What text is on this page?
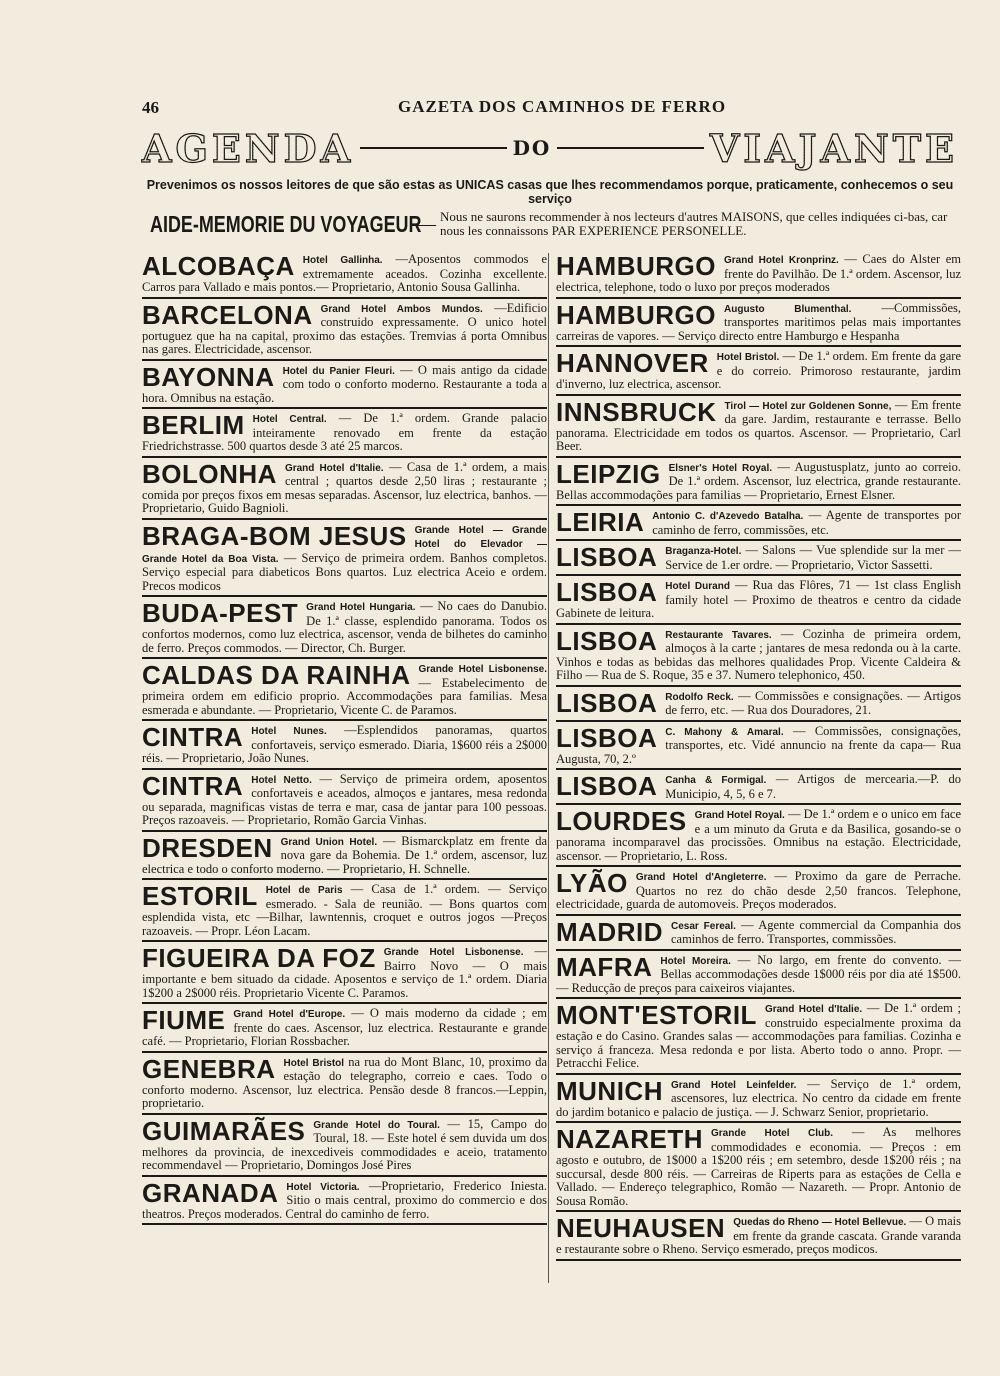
46	GAZETA DOS CAMINHOS DE FERRO
AGENDA	DO	VIAJANTE
Prevenimos os nossos leitores de que são estas as UNICAS casas que lhes recommendamos porque, praticamente, conhecemos o seu serviço
AIDE-MEMORIE DU VOYAGEUR
— Nous ne saurons recommender à nos lecteurs d'autres MAISONS, que celles indiquées ci-bas, car nous les connaissons PAR EXPERIENCE PERSONELLE.

ALCOBAÇA Hotel Gallinha. —Aposentos commodos e extremamente aceados. Cozinha excellente. Carros para Vallado e mais pontos.— Proprietario, Antonio Sousa Gallinha.

BARCELONA Grand Hotel Ambos Mundos. —Edificio construido expressamente. O unico hotel portuguez que ha na capital, proximo das estações. Tremvias á porta Omnibus nas gares. Electricidade, ascensor.

BAYONNA Hotel du Panier Fleuri. — O mais antigo da cidade com todo o conforto moderno. Restaurante a toda a hora. Omnibus na estação.

BERLIM Hotel Central. — De 1.ª ordem. Grande palacio inteiramente renovado em frente da estação Friedrichstrasse. 500 quartos desde 3 até 25 marcos.

BOLONHA Grand Hotel d'Italie. — Casa de 1.ª ordem, a mais central ; quartos desde 2,50 liras ; restaurante ; comida por preços fixos em mesas separadas. Ascensor, luz electrica, banhos. — Proprietario, Guido Bagnioli.

BRAGA-BOM JESUS Grande Hotel — Grande Hotel do Elevador —Grande Hotel da Boa Vista. — Serviço de primeira ordem. Banhos completos. Serviço especial para diabeticos Bons quartos. Luz electrica Aceio e ordem. Precos modicos

BUDA-PEST Grand Hotel Hungaria. — No caes do Danubio. De 1.ª classe, esplendido panorama. Todos os confortos modernos, como luz electrica, ascensor, venda de bilhetes do caminho de ferro. Preços commodos. — Director, Ch. Burger.

CALDAS DA RAINHA Grande Hotel Lisbonense. — Estabelecimento de primeira ordem em edificio proprio. Accommodações para familias. Mesa esmerada e abundante. — Proprietario, Vicente C. de Paramos.

CINTRA Hotel Nunes. —Esplendidos panoramas, quartos confortaveis, serviço esmerado. Diaria, 1$600 réis a 2$000 réis. — Proprietario, João Nunes.

CINTRA Hotel Netto. — Serviço de primeira ordem, aposentos confortaveis e aceados, almoços e jantares, mesa redonda ou separada, magnificas vistas de terra e mar, casa de jantar para 100 pessoas. Preços razoaveis. — Proprietario, Romão Garcia Vinhas.

DRESDEN Grand Union Hotel. — Bismarckplatz em frente da nova gare da Bohemia. De 1.ª ordem, ascensor, luz electrica e todo o conforto moderno. — Proprietario, H. Schnelle.

ESTORIL Hotel de Paris — Casa de 1.ª ordem. — Serviço esmerado. - Sala de reunião. — Bons quartos com esplendida vista, etc —Bilhar, lawntennis, croquet e outros jogos —Preços razoaveis. — Propr. Léon Lacam.

FIGUEIRA DA FOZ Grande Hotel Lisbonense. — Bairro Novo — O mais importante e bem situado da cidade. Aposentos e serviço de 1.ª ordem. Diaria 1$200 a 2$000 réis. Proprietario Vicente C. Paramos.

FIUME Grand Hotel d'Europe. — O mais moderno da cidade ; em frente do caes. Ascensor, luz electrica. Restaurante e grande café. — Proprietario, Florian Rossbacher.

GENEBRA Hotel Bristol na rua do Mont Blanc, 10, proximo da estação do telegrapho, correio e caes. Todo o conforto moderno. Ascensor, luz electrica. Pensão desde 8 francos.—Leppin, proprietario.

GUIMARÃES Grande Hotel do Toural. — 15, Campo do Toural, 18. — Este hotel é sem duvida um dos melhores da provincia, de inexcediveis commodidades e aceio, tratamento recommendavel — Proprietario, Domingos José Pires

GRANADA Hotel Victoria. —Proprietario, Frederico Iniesta. Sitio o mais central, proximo do commercio e dos theatros. Preços moderados. Central do caminho de ferro.

HAMBURGO Grand Hotel Kronprinz. — Caes do Alster em frente do Pavilhão. De 1.ª ordem. Ascensor, luz electrica, telephone, todo o luxo por preços moderados

HAMBURGO Augusto Blumenthal. —Commissões, transportes maritimos pelas mais importantes carreiras de vapores. — Serviço directo entre Hamburgo e Hespanha

HANNOVER Hotel Bristol. — De 1.ª ordem. Em frente da gare e do correio. Primoroso restaurante, jardim d'inverno, luz electrica, ascensor.

INNSBRUCK Tirol — Hotel zur Goldenen Sonne, — Em frente da gare. Jardim, restaurante e terrasse. Bello panorama. Electricidade em todos os quartos. Ascensor. — Proprietario, Carl Beer.

LEIPZIG Elsner's Hotel Royal. — Augustusplatz, junto ao correio. De 1.ª ordem. Ascensor, luz electrica, grande restaurante. Bellas accommodações para familias — Proprietario, Ernest Elsner.

LEIRIA Antonio C. d'Azevedo Batalha. — Agente de transportes por caminho de ferro, commissões, etc.

LISBOA Braganza-Hotel. — Salons — Vue splendide sur la mer — Service de 1.er ordre. — Proprietario, Victor Sassetti.

LISBOA Hotel Durand — Rua das Flôres, 71 — 1st class English family hotel — Proximo de theatros e centro da cidade Gabinete de leitura.

LISBOA Restaurante Tavares. — Cozinha de primeira ordem, almoços à la carte ; jantares de mesa redonda ou à la carte. Vinhos e todas as bebidas das melhores qualidades Prop. Vicente Caldeira & Filho — Rua de S. Roque, 35 e 37. Numero telephonico, 450.

LISBOA Rodolfo Reck. — Commissões e consignações. — Artigos de ferro, etc. — Rua dos Douradores, 21.

LISBOA C. Mahony & Amaral. — Commissões, consignações, transportes, etc. Vidé annuncio na frente da capa— Rua Augusta, 70, 2.º

LISBOA Canha & Formigal. — Artigos de mercearia.—P. do Municipio, 4, 5, 6 e 7.

LOURDES Grand Hotel Royal. — De 1.ª ordem e o unico em face e a um minuto da Gruta e da Basilica, gosando-se o panorama incomparavel das procissões. Omnibus na estação. Electricidade, ascensor. — Proprietario, L. Ross.

LYÃO Grand Hotel d'Angleterre. — Proximo da gare de Perrache. Quartos no rez do chão desde 2,50 francos. Telephone, electricidade, guarda de automoveis. Preços moderados.

MADRID Cesar Fereal. — Agente commercial da Companhia dos caminhos de ferro. Transportes, commissões.

MAFRA Hotel Moreira. — No largo, em frente do convento. — Bellas accommodações desde 1$000 réis por dia até 1$500. — Reducção de preços para caixeiros viajantes.

MONT'ESTORIL Grand Hotel d'Italie. — De 1.ª ordem ; construido especialmente proxima da estação e do Casino. Grandes salas — accommodações para familias. Cozinha e serviço á franceza. Mesa redonda e por lista. Aberto todo o anno. Propr. — Petracchi Felice.

MUNICH Grand Hotel Leinfelder. — Serviço de 1.ª ordem, ascensores, luz electrica. No centro da cidade em frente do jardim botanico e palacio de justiça. — J. Schwarz Senior, proprietario.

NAZARETH Grande Hotel Club. — As melhores commodidades e economia. — Preços : em agosto e outubro, de 1$000 a 1$200 réis ; em setembro, desde 1$200 réis ; na succursal, desde 800 réis. — Carreiras de Riperts para as estações de Cella e Vallado. — Endereço telegraphico, Romão — Nazareth. — Propr. Antonio de Sousa Romão.

NEUHAUSEN Quedas do Rheno — Hotel Bellevue. — O mais em frente da grande cascata. Grande varanda e restaurante sobre o Rheno. Serviço esmerado, preços modicos.
